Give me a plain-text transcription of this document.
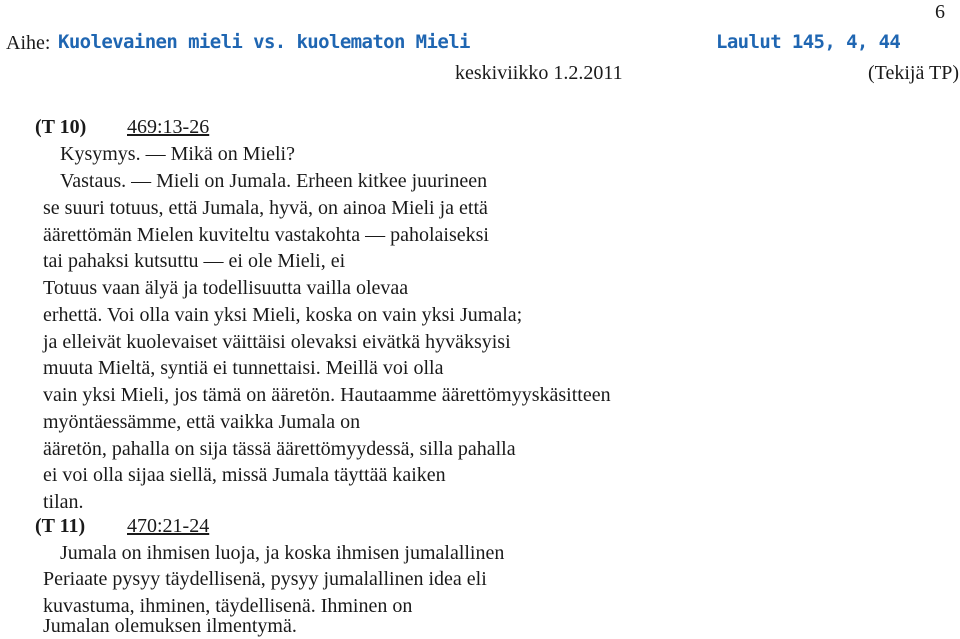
6
Aihe: Kuolevainen mieli vs. kuolematon Mieli	Laulut 145, 4, 44
keskiviikko 1.2.2011	(Tekijä TP)
(T 10) 469:13-26
Kysymys. — Mikä on Mieli?
Vastaus. — Mieli on Jumala. Erheen kitkee juurineen
se suuri totuus, että Jumala, hyvä, on ainoa Mieli ja että
äärettömän Mielen kuviteltu vastakohta — paholaiseksi
tai pahaksi kutsuttu — ei ole Mieli, ei
Totuus vaan älyä ja todellisuutta vailla olevaa
erhettä. Voi olla vain yksi Mieli, koska on vain yksi Jumala;
ja elleivät kuolevaiset väittäisi olevaksi eivätkä hyväksyisi
muuta Mieltä, syntiä ei tunnettaisi. Meillä voi olla
vain yksi Mieli, jos tämä on ääretön. Hautaamme äärettömyyskäsitteen
myöntäessämme, että vaikka Jumala on
ääretön, pahalla on sija tässä äärettömyydessä, silla pahalla
ei voi olla sijaa siellä, missä Jumala täyttää kaiken
tilan.
(T 11) 470:21-24
Jumala on ihmisen luoja, ja koska ihmisen jumalallinen
Periaate pysyy täydellisenä, pysyy jumalallinen idea eli
kuvastuma, ihminen, täydellisenä. Ihminen on
Jumalan olemuksen ilmentymä.
